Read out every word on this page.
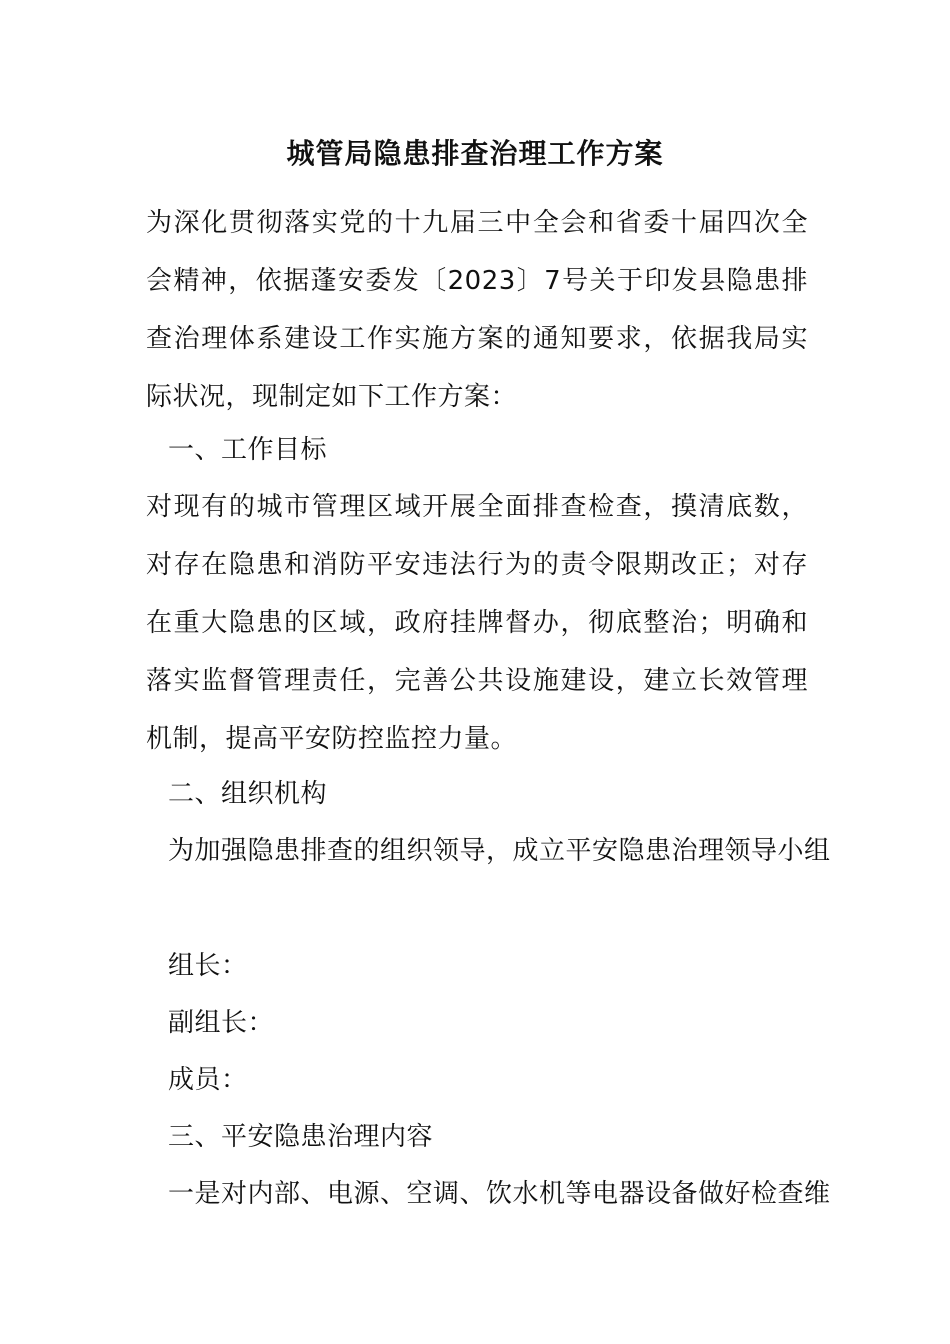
城管局隐患排查治理工作方案
为深化贯彻落实党的十九届三中全会和省委十届四次全会精神，依据蓬安委发〔2023〕7号关于印发县隐患排查治理体系建设工作实施方案的通知要求，依据我局实际状况，现制定如下工作方案：
一、工作目标
对现有的城市管理区域开展全面排查检查，摸清底数，对存在隐患和消防平安违法行为的责令限期改正；对存在重大隐患的区域，政府挂牌督办，彻底整治；明确和落实监督管理责任，完善公共设施建设，建立长效管理机制，提高平安防控监控力量。
二、组织机构
为加强隐患排查的组织领导，成立平安隐患治理领导小组
组长：
副组长：
成员：
三、平安隐患治理内容
一是对内部、电源、空调、饮水机等电器设备做好检查维
